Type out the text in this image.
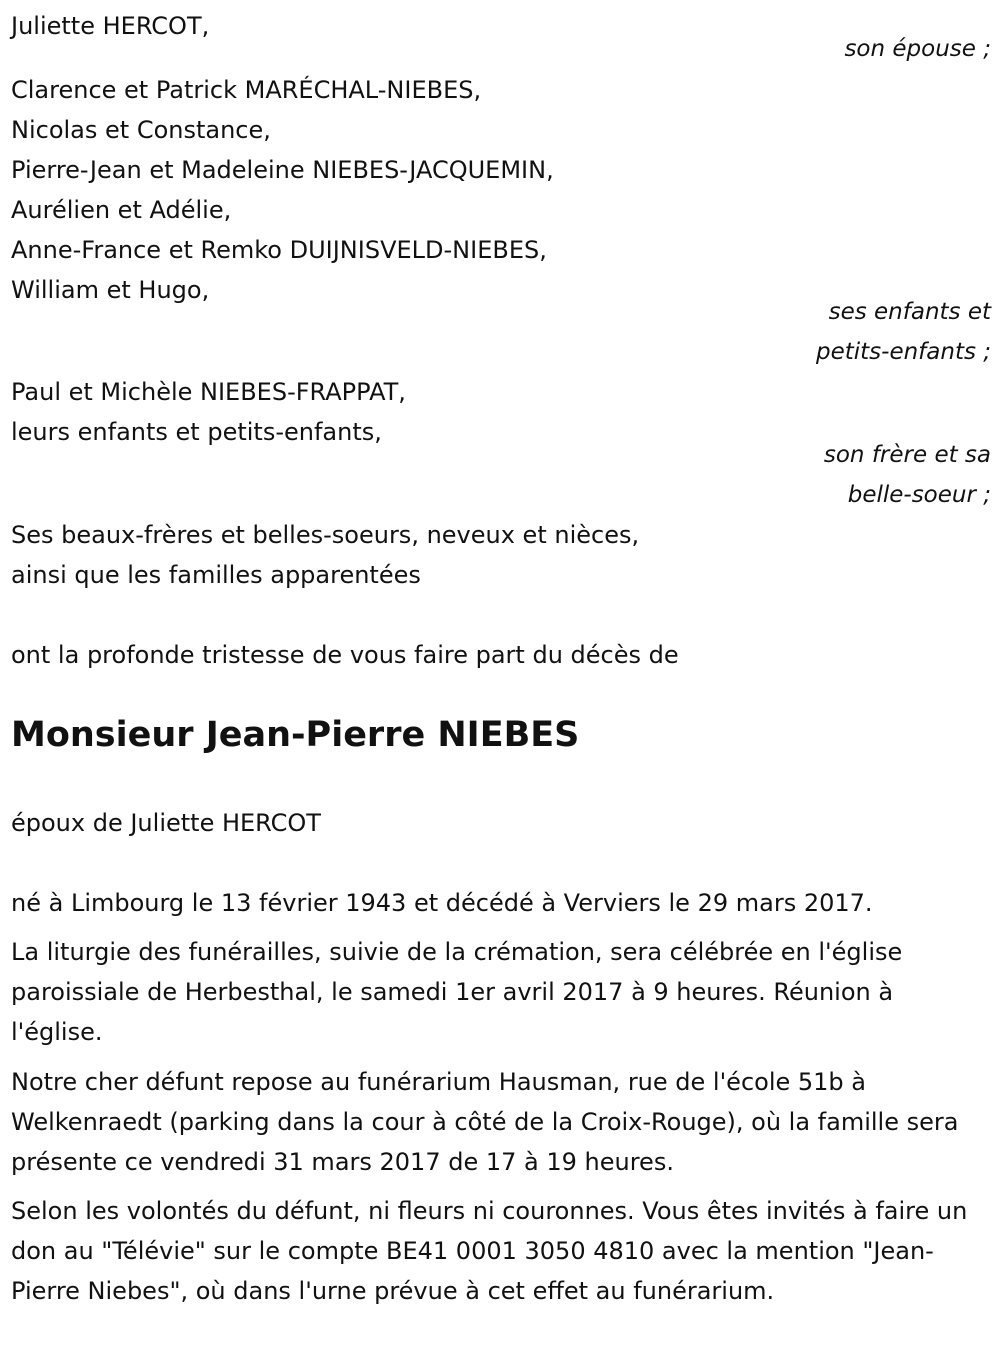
Juliette HERCOT,

son épouse ;

Clarence et Patrick MARÉCHAL-NIEBES,

Nicolas et Constance,

Pierre-Jean et Madeleine NIEBES-JACQUEMIN,

Aurélien et Adélie,

Anne-France et Remko DUIJNISVELD-NIEBES,

William et Hugo,

ses enfants et

petits-enfants ;

Paul et Michèle NIEBES-FRAPPAT,

leurs enfants et petits-enfants,

son frère et sa

belle-soeur ;

Ses beaux-frères et belles-soeurs, neveux et nièces,

ainsi que les familles apparentées

ont la profonde tristesse de vous faire part du décès de

Monsieur Jean-Pierre NIEBES

époux de Juliette HERCOT

né à Limbourg le 13 février 1943 et décédé à Verviers le 29 mars 2017.

La liturgie des funérailles, suivie de la crémation, sera célébrée en l'église paroissiale de Herbesthal, le samedi 1er avril 2017 à 9 heures. Réunion à l'église.

Notre cher défunt repose au funérarium Hausman, rue de l'école 51b à Welkenraedt (parking dans la cour à côté de la Croix-Rouge), où la famille sera présente ce vendredi 31 mars 2017 de 17 à 19 heures.

Selon les volontés du défunt, ni fleurs ni couronnes. Vous êtes invités à faire un don au "Télévie" sur le compte BE41 0001 3050 4810 avec la mention "Jean-Pierre Niebes", où dans l'urne prévue à cet effet au funérarium.
